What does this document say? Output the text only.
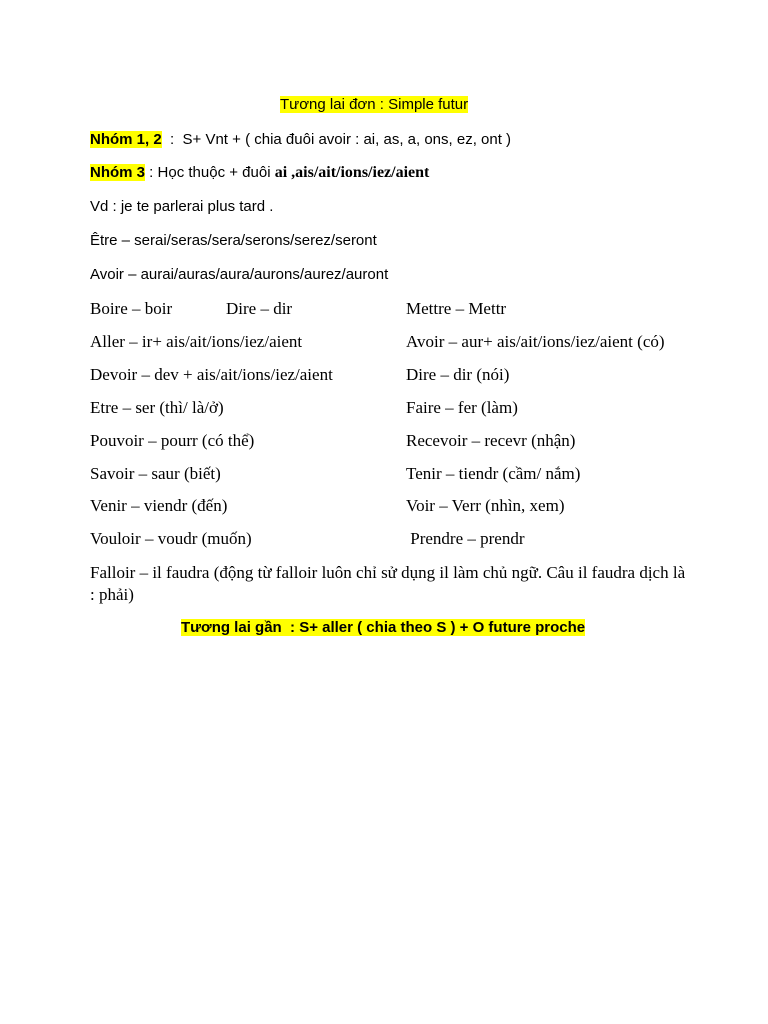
Tương lai đơn : Simple futur
Nhóm 1, 2  :  S+ Vnt + ( chia đuôi avoir : ai, as, a, ons, ez, ont )
Nhóm 3 : Học thuộc + đuôi ai ,ais/ait/ions/iez/aient
Vd : je te parlerai plus tard .
Être – serai/seras/sera/serons/serez/seront
Avoir – aurai/auras/aura/aurons/aurez/auront
Boire – boir	Dire – dir	Mettre – Mettr
Aller – ir+ ais/ait/ions/iez/aient	Avoir – aur+ ais/ait/ions/iez/aient (có)
Devoir – dev + ais/ait/ions/iez/aient	Dire – dir (nói)
Etre – ser (thì/ là/ở)	Faire – fer (làm)
Pouvoir – pourr (có thể)	Recevoir – recevr (nhận)
Savoir – saur (biết)	Tenir – tiendr (cầm/ nắm)
Venir – viendr (đến)	Voir – Verr (nhìn, xem)
Vouloir – voudr (muốn)	Prendre – prendr
Falloir – il faudra (động từ falloir luôn chỉ sử dụng il làm chủ ngữ. Câu il faudra dịch là : phải)
Tương lai gần  : S+ aller ( chia theo S ) + O future proche
